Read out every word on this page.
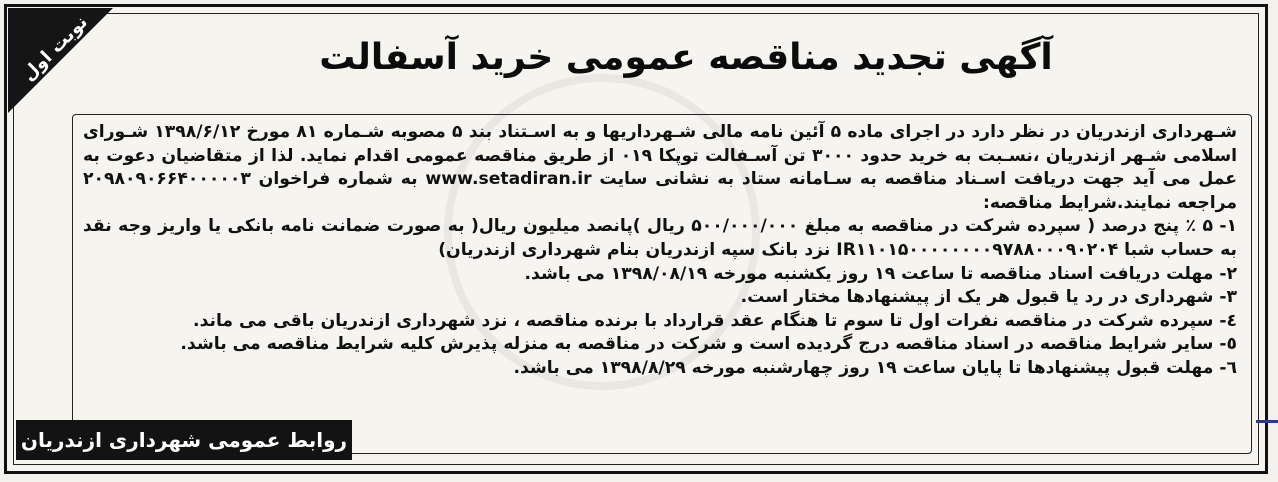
نوبت اول	آگهی تجدید مناقصه عمومی خرید آسفالت

شـهرداری ازندریان در نظر دارد در اجرای ماده ۵ آئین نامه مالی شـهرداریها و به اسـتناد بند ۵ مصوبه شـماره ۸۱ مورخ ۱۳۹۸/۶/۱۲ شـورای اسلامی شـهر ازندریان ،نسـبت به خرید حدود ۳۰۰۰ تن آسـفالت توپکا ۰۱۹ از طریق مناقصه عمومی اقدام نماید. لذا از متقاضیان دعوت به عمل می آید جهت دریافت اسـناد مناقصه به سـامانه ستاد به نشانی سایت www.setadiran.ir به شماره فراخوان ۲۰۹۸۰۹۰۶۶۴۰۰۰۰۰۳ مراجعه نمایند.شرایط مناقصه:

۱- ۵ ٪ پنج درصد ( سپرده شرکت در مناقصه به مبلغ ۵۰۰/۰۰۰/۰۰۰ ریال )پانصد میلیون ریال( به صورت ضمانت نامه بانکی یا واریز وجه نقد به حساب شبا IR۱۱۰۱۵۰۰۰۰۰۰۰۰۹۷۸۸۰۰۰۹۰۲۰۴ نزد بانک سپه ازندریان بنام شهرداری ازندریان)
۲- مهلت دریافت اسناد مناقصه تا ساعت ۱۹ روز یکشنبه مورخه ۱۳۹۸/۰۸/۱۹ می باشد.
۳- شهرداری در رد یا قبول هر یک از پیشنهادها مختار است.
٤- سپرده شرکت در مناقصه نفرات اول تا سوم تا هنگام عقد قرارداد با برنده مناقصه ، نزد شهرداری ازندریان باقی می ماند.
٥- سایر شرایط مناقصه در اسناد مناقصه درج گردیده است و شرکت در مناقصه به منزله پذیرش کلیه شرایط مناقصه می باشد.
٦- مهلت قبول پیشنهادها تا پایان ساعت ۱۹ روز چهارشنبه مورخه ۱۳۹۸/۸/۲۹ می باشد.
روابط عمومی شهرداری ازندریان
